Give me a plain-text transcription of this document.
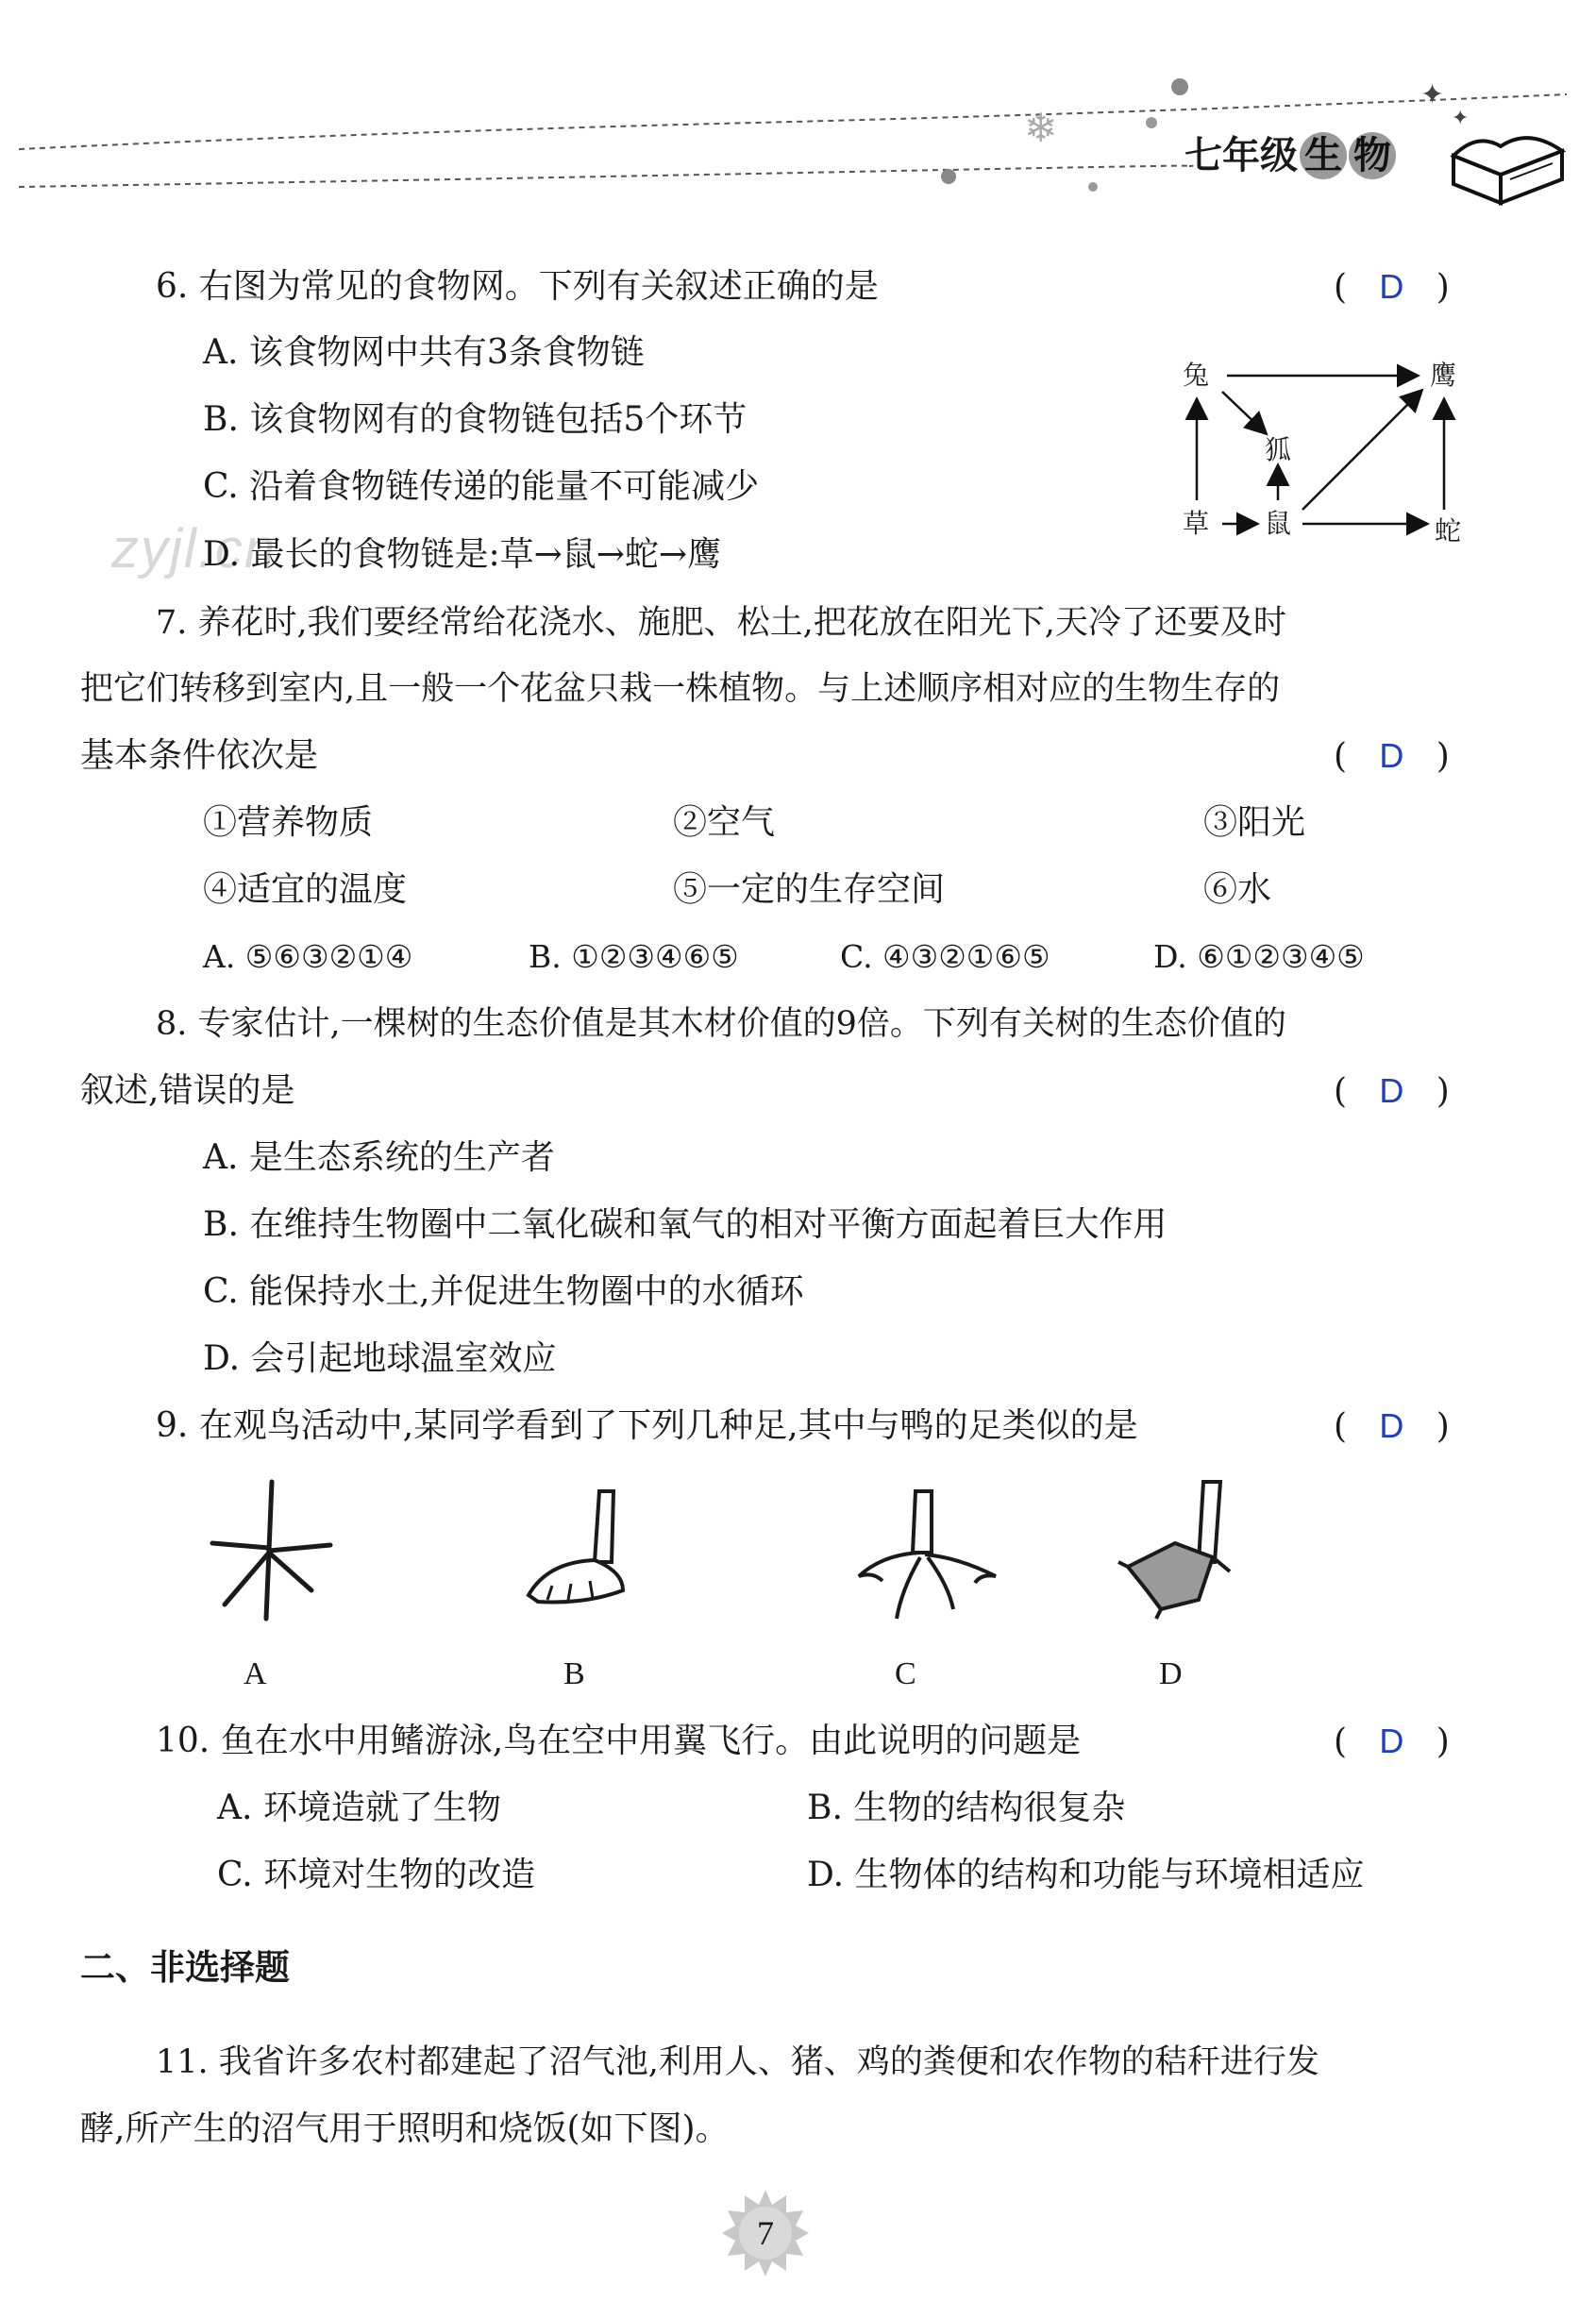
❄
✦
✦
七年级 生 物
zyjl.cn
6. 右图为常见的食物网。下列有关叙述正确的是	(   D   )
A. 该食物网中共有3条食物链
B. 该食物网有的食物链包括5个环节
C. 沿着食物链传递的能量不可能减少
D. 最长的食物链是:草→鼠→蛇→鹰
兔	鹰
狐
草 鼠	蛇
7. 养花时,我们要经常给花浇水、施肥、松土,把花放在阳光下,天冷了还要及时
把它们转移到室内,且一般一个花盆只栽一株植物。与上述顺序相对应的生物生存的
基本条件依次是	(   D   )
①营养物质	②空气	③阳光
④适宜的温度	⑤一定的生存空间	⑥水
A. ⑤⑥③②①④	B. ①②③④⑥⑤	C. ④③②①⑥⑤	D. ⑥①②③④⑤
8. 专家估计,一棵树的生态价值是其木材价值的9倍。下列有关树的生态价值的
叙述,错误的是	(   D   )
A. 是生态系统的生产者
B. 在维持生物圈中二氧化碳和氧气的相对平衡方面起着巨大作用
C. 能保持水土,并促进生物圈中的水循环
D. 会引起地球温室效应
9. 在观鸟活动中,某同学看到了下列几种足,其中与鸭的足类似的是	(   D   )
A	B	C	D
10. 鱼在水中用鳍游泳,鸟在空中用翼飞行。由此说明的问题是	(   D   )
A. 环境造就了生物	B. 生物的结构很复杂
C. 环境对生物的改造	D. 生物体的结构和功能与环境相适应
二、非选择题
11. 我省许多农村都建起了沼气池,利用人、猪、鸡的粪便和农作物的秸秆进行发
酵,所产生的沼气用于照明和烧饭(如下图)。
7
